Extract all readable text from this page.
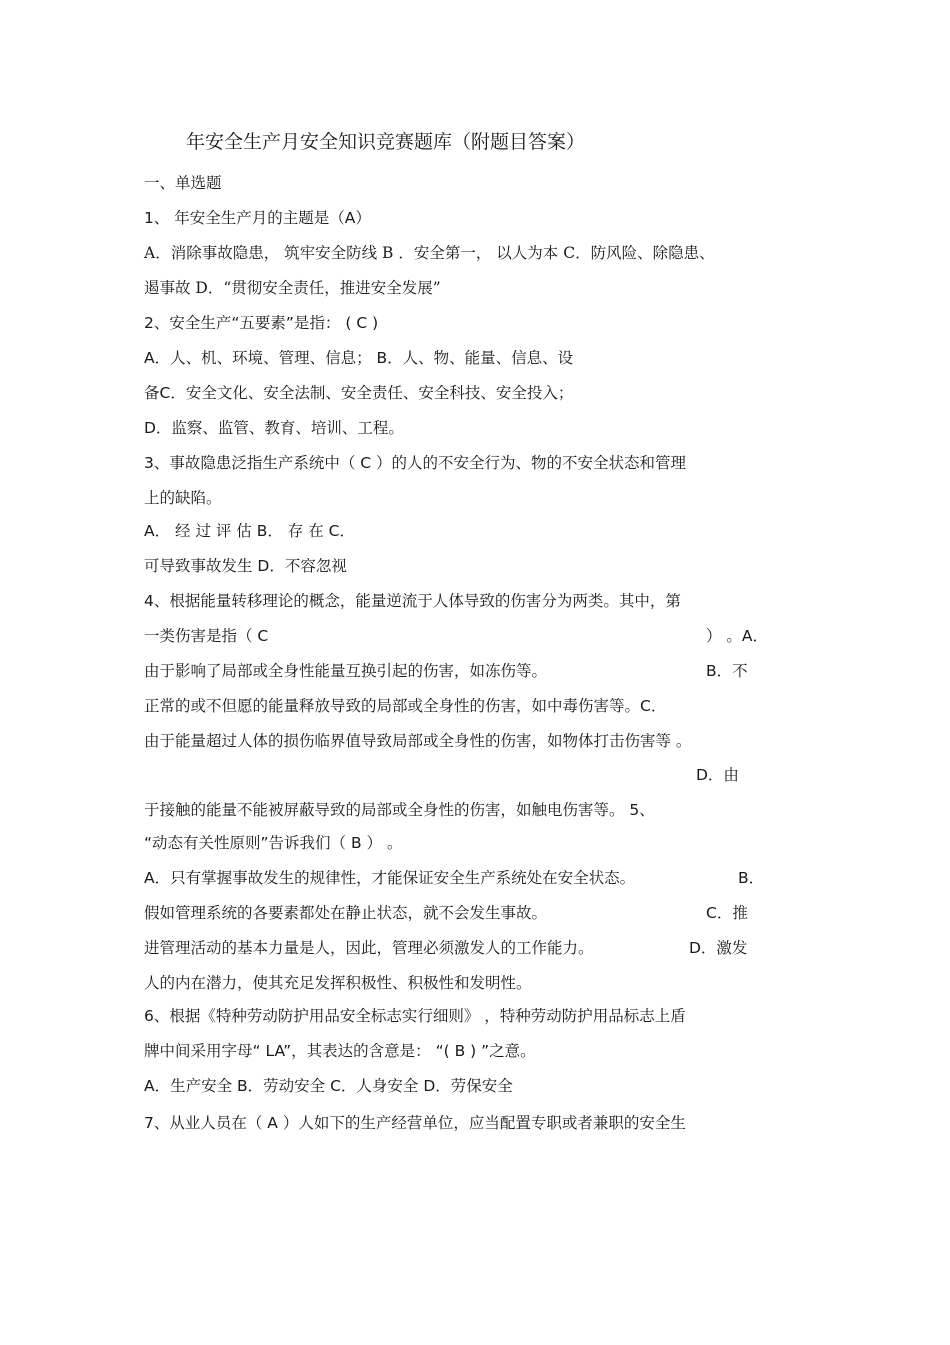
年安全生产月安全知识竞赛题库（附题目答案）
一、单选题
1、 年安全生产月的主题是（A）
A．消除事故隐患， 筑牢安全防线 B ．安全第一， 以人为本 C．防风险、除隐患、
遏事故 D．“贯彻安全责任，推进安全发展”
2、安全生产“五要素”是指： ( C )
A．人、机、环境、管理、信息； B．人、物、能量、信息、设
备C．安全文化、安全法制、安全责任、安全科技、安全投入；
D．监察、监管、教育、培训、工程。
3、事故隐患泛指生产系统中（ C ）的人的不安全行为、物的不安全状态和管理
上的缺陷。
A． 经 过 评 估 B． 存 在 C．
可导致事故发生 D．不容忽视
4、根据能量转移理论的概念，能量逆流于人体导致的伤害分为两类。其中，第
一类伤害是指（ C	） 。A．
由于影响了局部或全身性能量互换引起的伤害，如冻伤等。	B．不
正常的或不但愿的能量释放导致的局部或全身性的伤害，如中毒伤害等。C．
由于能量超过人体的损伤临界值导致局部或全身性的伤害，如物体打击伤害等 。
D．由
于接触的能量不能被屏蔽导致的局部或全身性的伤害，如触电伤害等。 5、
“动态有关性原则”告诉我们（ B ） 。
A．只有掌握事故发生的规律性，才能保证安全生产系统处在安全状态。	B．
假如管理系统的各要素都处在静止状态，就不会发生事故。	C．推
进管理活动的基本力量是人，因此，管理必须激发人的工作能力。	D．激发
人的内在潜力，使其充足发挥积极性、积极性和发明性。
6、根据《特种劳动防护用品安全标志实行细则》 ，特种劳动防护用品标志上盾
牌中间采用字母“ LA”，其表达的含意是： “( B ) ”之意。
A．生产安全 B．劳动安全 C．人身安全 D．劳保安全
7、从业人员在（ A ）人如下的生产经营单位，应当配置专职或者兼职的安全生
